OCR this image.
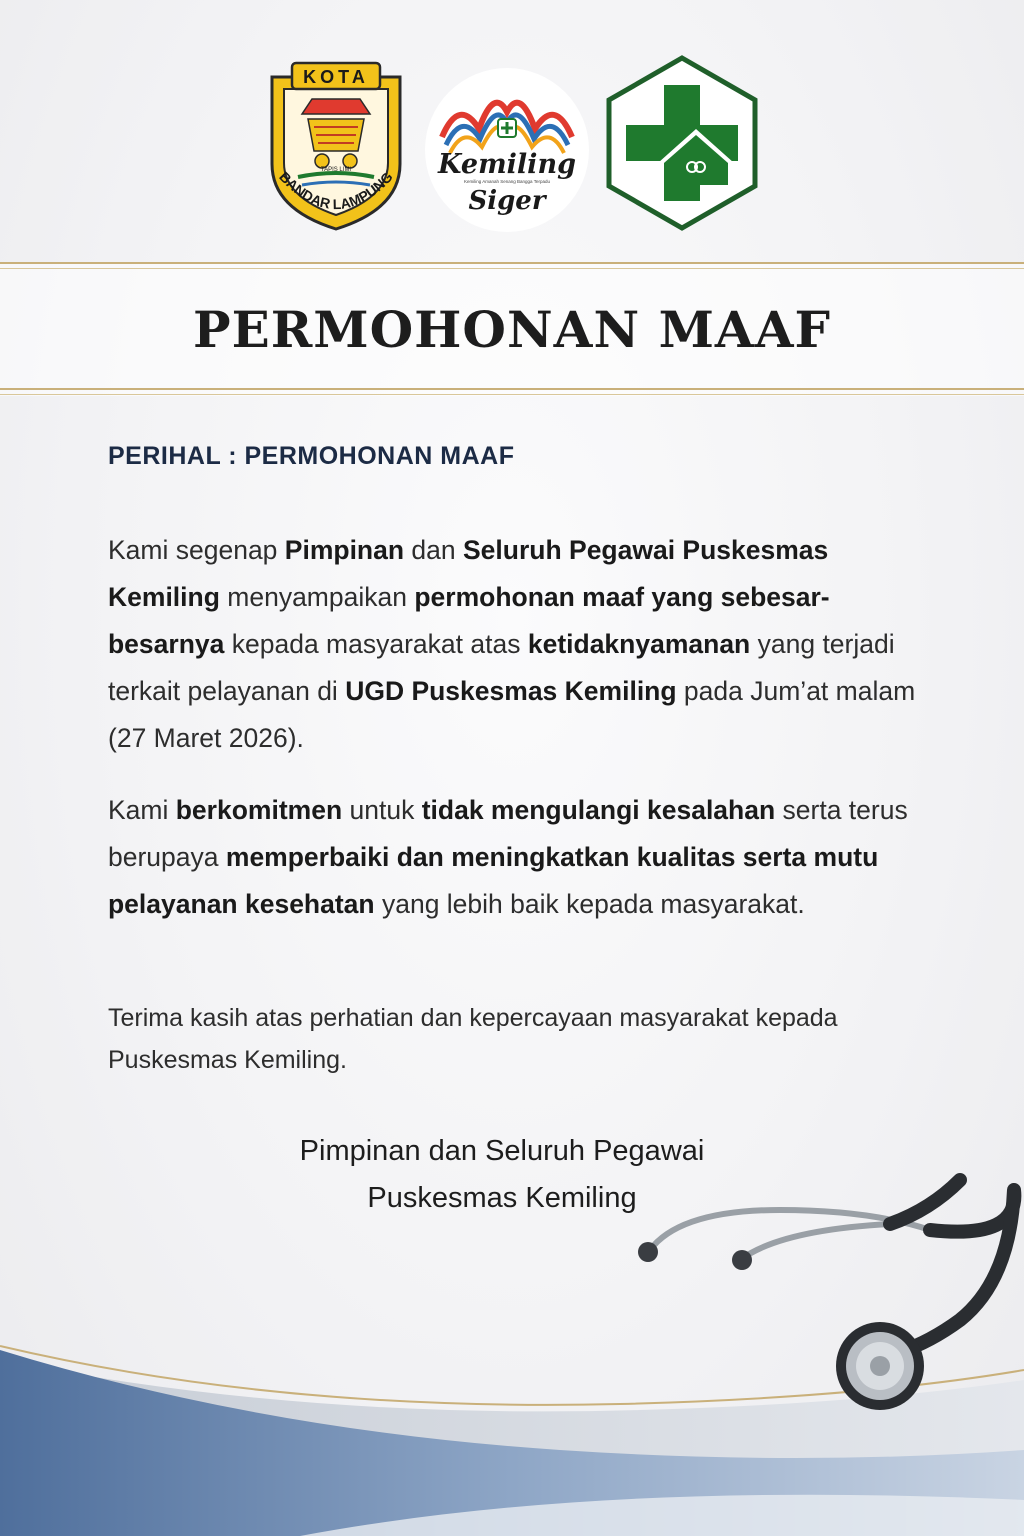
KOTA
TAPIS LIMI
BANDAR LAMPUNG Kemiling
Kemiling Amanah Senang Bangga Terpadu
Siger
PERMOHONAN MAAF
PERIHAL : PERMOHONAN MAAF
Kami segenap Pimpinan dan Seluruh Pegawai Puskesmas Kemiling menyampaikan permohonan maaf yang sebesar-besarnya kepada masyarakat atas ketidaknyamanan yang terjadi terkait pelayanan di UGD Puskesmas Kemiling pada Jum’at malam (27 Maret 2026).
Kami berkomitmen untuk tidak mengulangi kesalahan serta terus berupaya memperbaiki dan meningkatkan kualitas serta mutu pelayanan kesehatan yang lebih baik kepada masyarakat.
Terima kasih atas perhatian dan kepercayaan masyarakat kepada Puskesmas Kemiling.
Pimpinan dan Seluruh Pegawai
Puskesmas Kemiling
